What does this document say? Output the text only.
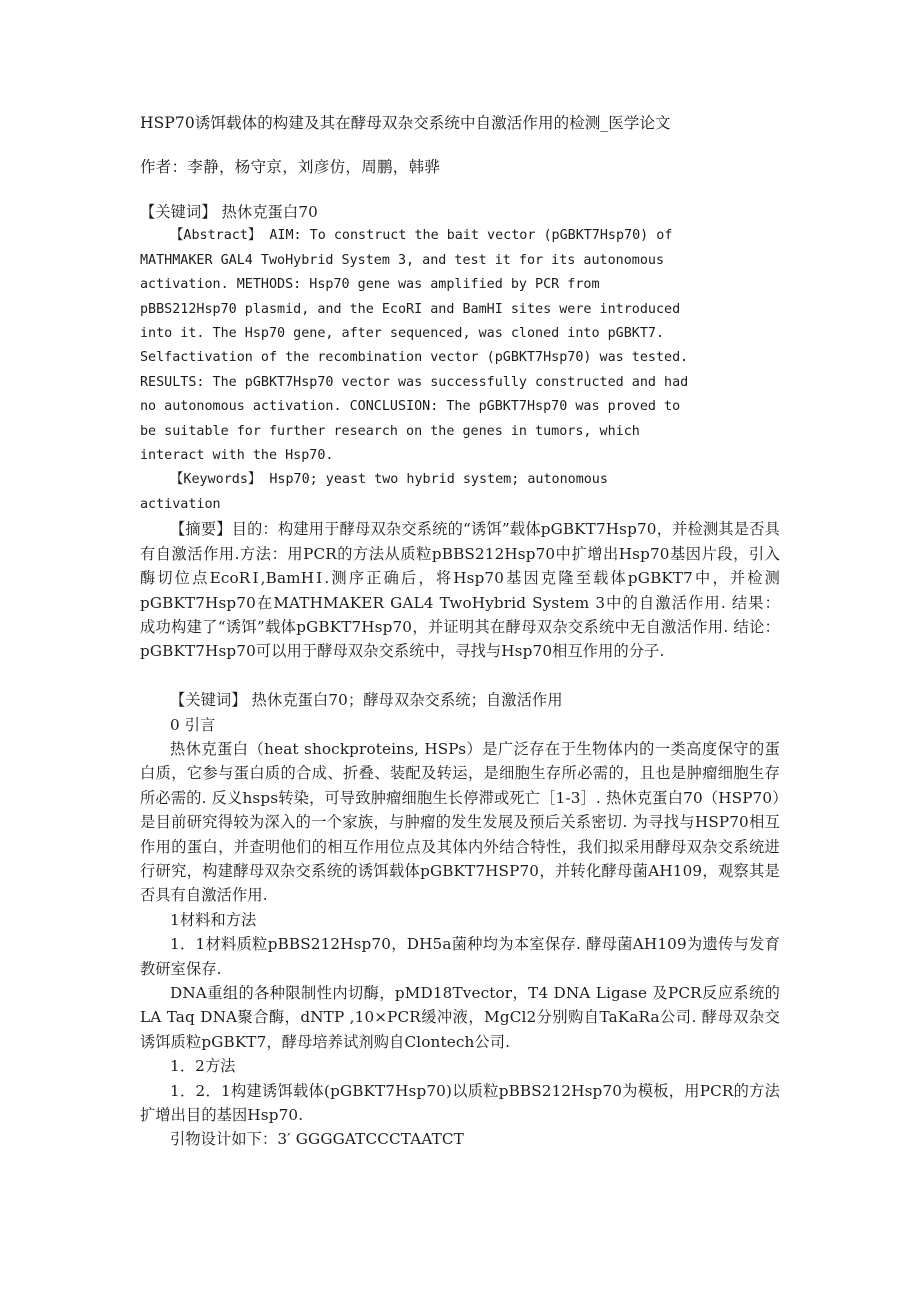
HSP70诱饵载体的构建及其在酵母双杂交系统中自激活作用的检测_医学论文
作者：李静，杨守京，刘彦仿，周鹏，韩骅
【关键词】 热休克蛋白70
【Abstract】 AIM: To construct the bait vector (pGBKT7Hsp70) of
MATHMAKER GAL4 TwoHybrid System 3, and test it for its autonomous
activation. METHODS: Hsp70 gene was amplified by PCR from
pBBS212Hsp70 plasmid, and the EcoRI and BamHI sites were introduced
into it. The Hsp70 gene, after sequenced, was cloned into pGBKT7.
Selfactivation of the recombination vector (pGBKT7Hsp70) was tested.
RESULTS: The pGBKT7Hsp70 vector was successfully constructed and had
no autonomous activation. CONCLUSION: The pGBKT7Hsp70 was proved to
be suitable for further research on the genes in tumors, which
interact with the Hsp70.
【Keywords】 Hsp70; yeast two hybrid system; autonomous
activation
【摘要】目的：构建用于酵母双杂交系统的“诱饵”载体pGBKT7Hsp70，并检测其是否具有自激活作用.方法：用PCR的方法从质粒pBBS212Hsp70中扩增出Hsp70基因片段，引入酶切位点EcoRⅠ,BamHⅠ.测序正确后，将Hsp70基因克隆至载体pGBKT7中，并检测pGBKT7Hsp70在MATHMAKER GAL4 TwoHybrid System 3中的自激活作用. 结果： 成功构建了“诱饵”载体pGBKT7Hsp70，并证明其在酵母双杂交系统中无自激活作用. 结论： pGBKT7Hsp70可以用于酵母双杂交系统中，寻找与Hsp70相互作用的分子.
【关键词】 热休克蛋白70；酵母双杂交系统；自激活作用
0 引言
热休克蛋白（heat shockproteins, HSPs）是广泛存在于生物体内的一类高度保守的蛋白质，它参与蛋白质的合成、折叠、装配及转运，是细胞生存所必需的，且也是肿瘤细胞生存所必需的. 反义hsps转染，可导致肿瘤细胞生长停滞或死亡［1-3］. 热休克蛋白70（HSP70）是目前研究得较为深入的一个家族，与肿瘤的发生发展及预后关系密切. 为寻找与HSP70相互作用的蛋白，并查明他们的相互作用位点及其体内外结合特性，我们拟采用酵母双杂交系统进行研究，构建酵母双杂交系统的诱饵载体pGBKT7HSP70，并转化酵母菌AH109，观察其是否具有自激活作用.
1材料和方法
1．1材料质粒pBBS212Hsp70，DH5a菌种均为本室保存. 酵母菌AH109为遗传与发育教研室保存.
DNA重组的各种限制性内切酶，pMD18Tvector，T4 DNA Ligase 及PCR反应系统的LA Taq DNA聚合酶，dNTP ,10×PCR缓冲液，MgCl2分别购自TaKaRa公司. 酵母双杂交诱饵质粒pGBKT7，酵母培养试剂购自Clontech公司.
1．2方法
1．2．1构建诱饵载体(pGBKT7Hsp70)以质粒pBBS212Hsp70为模板，用PCR的方法扩增出目的基因Hsp70.
引物设计如下：3′ GGGGATCCCTAATCT
